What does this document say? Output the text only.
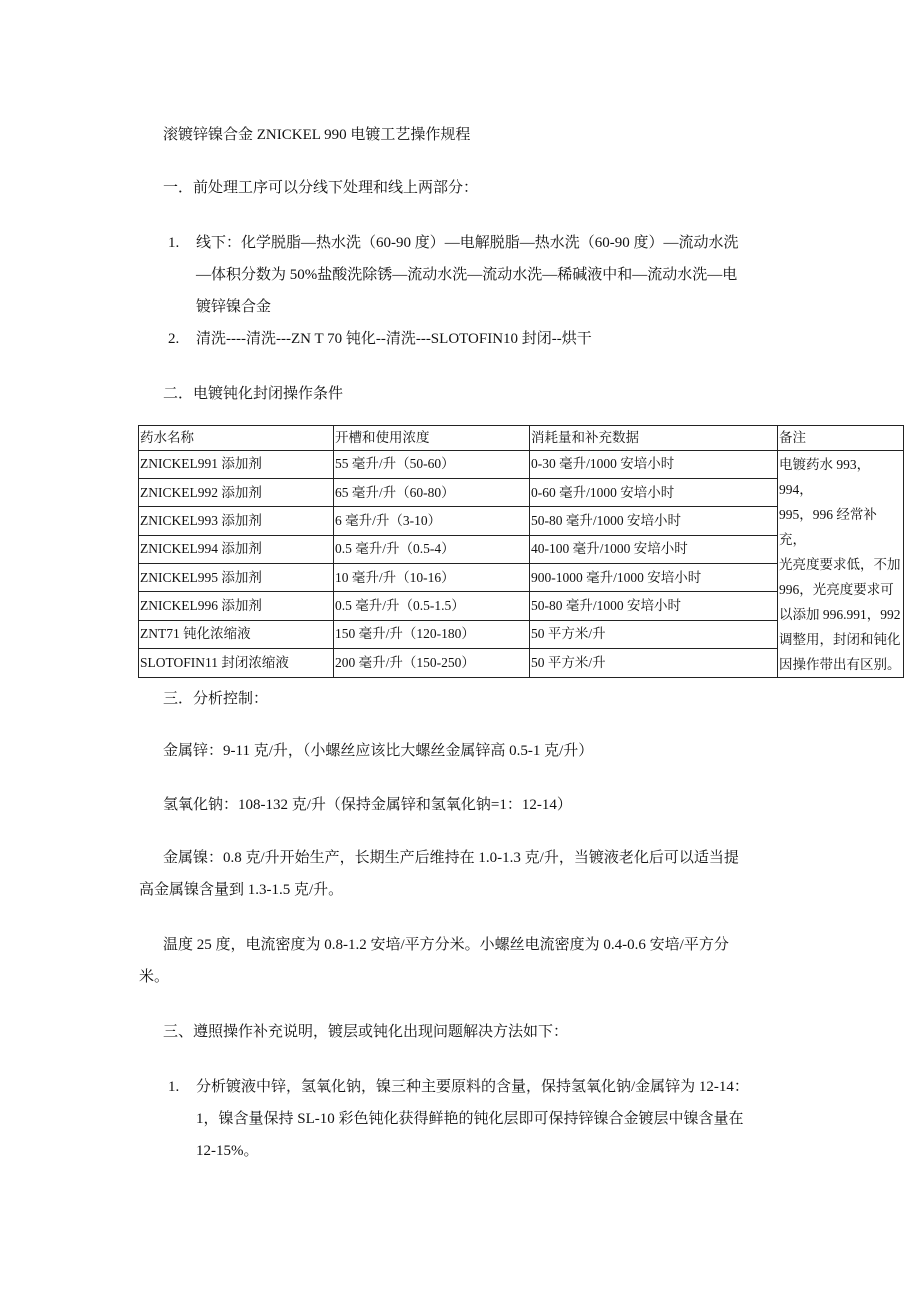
滚镀锌镍合金 ZNICKEL 990 电镀工艺操作规程
一．前处理工序可以分线下处理和线上两部分：
1. 线下：化学脱脂—热水洗（60-90 度）—电解脱脂—热水洗（60-90 度）—流动水洗
—体积分数为 50%盐酸洗除锈—流动水洗—流动水洗—稀碱液中和—流动水洗—电
镀锌镍合金
2. 清洗----清洗---ZN T 70 钝化--清洗---SLOTOFIN10 封闭--烘干
二．电镀钝化封闭操作条件
药水名称	开槽和使用浓度	消耗量和补充数据	备注
ZNICKEL991 添加剂	55 毫升/升（50-60）	0-30 毫升/1000 安培小时	电镀药水 993，994，
995，996 经常补充，
光亮度要求低，不加
996，光亮度要求可
以添加 996.991，992
调整用，封闭和钝化
因操作带出有区别。

ZNICKEL992 添加剂	65 毫升/升（60-80）	0-60 毫升/1000 安培小时	
ZNICKEL993 添加剂	6 毫升/升（3-10）	50-80 毫升/1000 安培小时	
ZNICKEL994 添加剂	0.5 毫升/升（0.5-4）	40-100 毫升/1000 安培小时	
ZNICKEL995 添加剂	10 毫升/升（10-16）	900-1000 毫升/1000 安培小时	
ZNICKEL996 添加剂	0.5 毫升/升（0.5-1.5）	50-80 毫升/1000 安培小时	
ZNT71 钝化浓缩液	150 毫升/升（120-180）	50 平方米/升	
SLOTOFIN11 封闭浓缩液	200 毫升/升（150-250）	50 平方米/升	
三．分析控制：
金属锌：9-11 克/升，（小螺丝应该比大螺丝金属锌高 0.5-1 克/升）
氢氧化钠：108-132 克/升（保持金属锌和氢氧化钠=1：12-14）
金属镍：0.8 克/升开始生产，长期生产后维持在 1.0-1.3 克/升，当镀液老化后可以适当提
高金属镍含量到 1.3-1.5 克/升。
温度 25 度，电流密度为 0.8-1.2 安培/平方分米。小螺丝电流密度为 0.4-0.6 安培/平方分
米。
三、遵照操作补充说明，镀层或钝化出现问题解决方法如下：
1. 分析镀液中锌，氢氧化钠，镍三种主要原料的含量，保持氢氧化钠/金属锌为 12-14：
1，镍含量保持 SL-10 彩色钝化获得鲜艳的钝化层即可保持锌镍合金镀层中镍含量在
12-15%。
